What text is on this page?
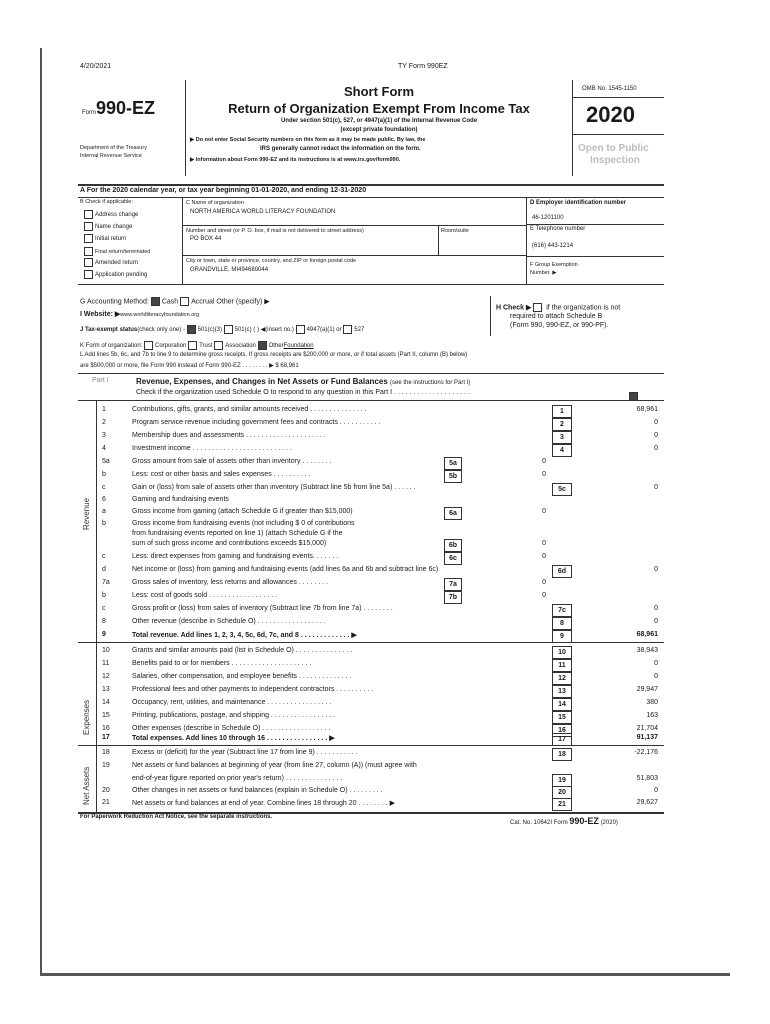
4/20/2021	TY Form 990EZ
Form990-EZ
Department of the Treasury
Internal Revenue Service
Short Form
Return of Organization Exempt From Income Tax
Under section 501(c), 527, or 4947(a)(1) of the Internal Revenue Code
(except private foundation)
▶ Do not enter Social Security numbers on this form as it may be made public. By law, the
IRS generally cannot redact the information on the form.
▶ Information about Form 990-EZ and its instructions is at www.irs.gov/form990.
OMB No. 1545-1150
2020
Open to Public
Inspection
A For the 2020 calendar year, or tax year beginning 01-01-2020, and ending 12-31-2020
B Check if applicable:
Address change
Name change
Initial return
Final return/terminated
Amended return
Application pending
C Name of organization
NORTH AMERICA WORLD LITERACY FOUNDATION
Number and street (or P. O. box, if mail is not delivered to street address)	Room/suite
PO BOX 44
City or town, state or province, country, and ZIP or foreign postal code
GRANDVILLE, MI494680044
D Employer identification number
46-1201100
E Telephone number
(616) 443-1214
F Group Exemption
Number. ▶
G Accounting Method: Cash Accrual Other (specify) ▶
I Website: ▶www.worldliteracyfoundation.org
H Check ▶ if the organization is not
required to attach Schedule B
(Form 990, 990-EZ, or 990-PF).
J Tax-exempt status(check only one) - 501(c)(3) 501(c) ( ) ◀(insert no.) 4947(a)(1) or 527
K Form of organization: Corporation Trust Association OtherFoundation
L Add lines 5b, 6c, and 7b to line 9 to determine gross receipts. If gross receipts are $200,000 or more, or if total assets (Part II, column (B) below)
are $500,000 or more, file Form 990 instead of Form 990-EZ . . . . . . . . ▶ $ 68,961
Part I	Revenue, Expenses, and Changes in Net Assets or Fund Balances (see the instructions for Part I)
Check if the organization used Schedule O to respond to any question in this Part I . . . . . . . . . . . . . . . . . . . .
Revenue
Expenses
Net Assets
1	Contributions, gifts, grants, and similar amounts received . . . . . . . . . . . . . . .	1	68,961
2	Program service revenue including government fees and contracts . . . . . . . . . . .	2	0
3	Membership dues and assessments . . . . . . . . . . . . . . . . . . . . .	3	0
4	Investment income . . . . . . . . . . . . . . . . . . . . . . . . . .	4	0
5a	Gross amount from sale of assets other than inventory . . . . . . . .	5a	0
b	Less: cost or other basis and sales expenses . . . . . . . . . .	5b	0
c	Gain or (loss) from sale of assets other than inventory (Subtract line 5b from line 5a) . . . . . .	5c	0
6	Gaming and fundraising events
a	Gross income from gaming (attach Schedule G if greater than $15,000)	6a	0
b	Gross income from fundraising events (not including $ 0 of contributions
from fundraising events reported on line 1) (attach Schedule G if the
sum of such gross income and contributions exceeds $15,000)	6b	0
c	Less: direct expenses from gaming and fundraising events. . . . . . .	6c	0
d	Net income or (loss) from gaming and fundraising events (add lines 6a and 6b and subtract line 6c)	6d	0
7a	Gross sales of inventory, less returns and allowances . . . . . . . .	7a	0
b	Less: cost of goods sold . . . . . . . . . . . . . . . . . .	7b	0
c	Gross profit or (loss) from sales of inventory (Subtract line 7b from line 7a) . . . . . . . .	7c	0
8	Other revenue (describe in Schedule O) . . . . . . . . . . . . . . . . . .	8	0
9	Total revenue. Add lines 1, 2, 3, 4, 5c, 6d, 7c, and 8 . . . . . . . . . . . . . ▶	9	68,961
10	Grants and similar amounts paid (list in Schedule O) . . . . . . . . . . . . . . .	10	38,943
11	Benefits paid to or for members . . . . . . . . . . . . . . . . . . . . .	11	0
12	Salaries, other compensation, and employee benefits . . . . . . . . . . . . . .	12	0
13	Professional fees and other payments to independent contractors . . . . . . . . . .	13	29,947
14	Occupancy, rent, utilities, and maintenance . . . . . . . . . . . . . . . . .	14	380
15	Printing, publications, postage, and shipping . . . . . . . . . . . . . . . . .	15	163
16	Other expenses (describe in Schedule O) . . . . . . . . . . . . . . . . . .	16	21,704
17	Total expenses. Add lines 10 through 16 . . . . . . . . . . . . . . . . ▶	17	91,137
18	Excess or (deficit) for the year (Subtract line 17 from line 9) . . . . . . . . . . .	18	-22,176
19	Net assets or fund balances at beginning of year (from line 27, column (A)) (must agree with
end-of-year figure reported on prior year's return) . . . . . . . . . . . . . . .	19	51,803
20	Other changes in net assets or fund balances (explain in Schedule O) . . . . . . . . .	20	0
21	Net assets or fund balances at end of year. Combine lines 18 through 20 . . . . . . . . ▶	21	29,627
For Paperwork Reduction Act Notice, see the separate instructions.
Cat. No. 10642I Form 990-EZ (2020)
